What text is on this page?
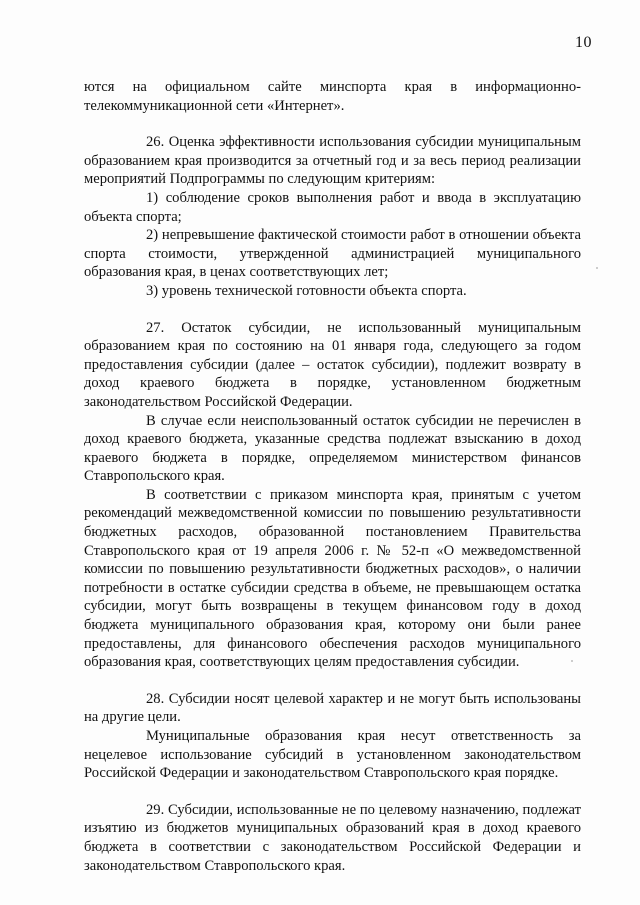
10

ются на официальном сайте минспорта края в информационно-телекоммуникационной сети «Интернет».

26. Оценка эффективности использования субсидии муниципальным образованием края производится за отчетный год и за весь период реализации мероприятий Подпрограммы по следующим критериям:

1) соблюдение сроков выполнения работ и ввода в эксплуатацию объекта спорта;

2) непревышение фактической стоимости работ в отношении объекта спорта стоимости, утвержденной администрацией муниципального образования края, в ценах соответствующих лет;

3) уровень технической готовности объекта спорта.

27. Остаток субсидии, не использованный муниципальным образованием края по состоянию на 01 января года, следующего за годом предоставления субсидии (далее – остаток субсидии), подлежит возврату в доход краевого бюджета в порядке, установленном бюджетным законодательством Российской Федерации.

В случае если неиспользованный остаток субсидии не перечислен в доход краевого бюджета, указанные средства подлежат взысканию в доход краевого бюджета в порядке, определяемом министерством финансов Ставропольского края.

В соответствии с приказом минспорта края, принятым с учетом рекомендаций межведомственной комиссии по повышению результативности бюджетных расходов, образованной постановлением Правительства Ставропольского края от 19 апреля 2006 г. № 52-п «О межведомственной комиссии по повышению результативности бюджетных расходов», о наличии потребности в остатке субсидии средства в объеме, не превышающем остатка субсидии, могут быть возвращены в текущем финансовом году в доход бюджета муниципального образования края, которому они были ранее предоставлены, для финансового обеспечения расходов муниципального образования края, соответствующих целям предоставления субсидии.

28. Субсидии носят целевой характер и не могут быть использованы на другие цели.

Муниципальные образования края несут ответственность за нецелевое использование субсидий в установленном законодательством Российской Федерации и законодательством Ставропольского края порядке.

29. Субсидии, использованные не по целевому назначению, подлежат изъятию из бюджетов муниципальных образований края в доход краевого бюджета в соответствии с законодательством Российской Федерации и законодательством Ставропольского края.
